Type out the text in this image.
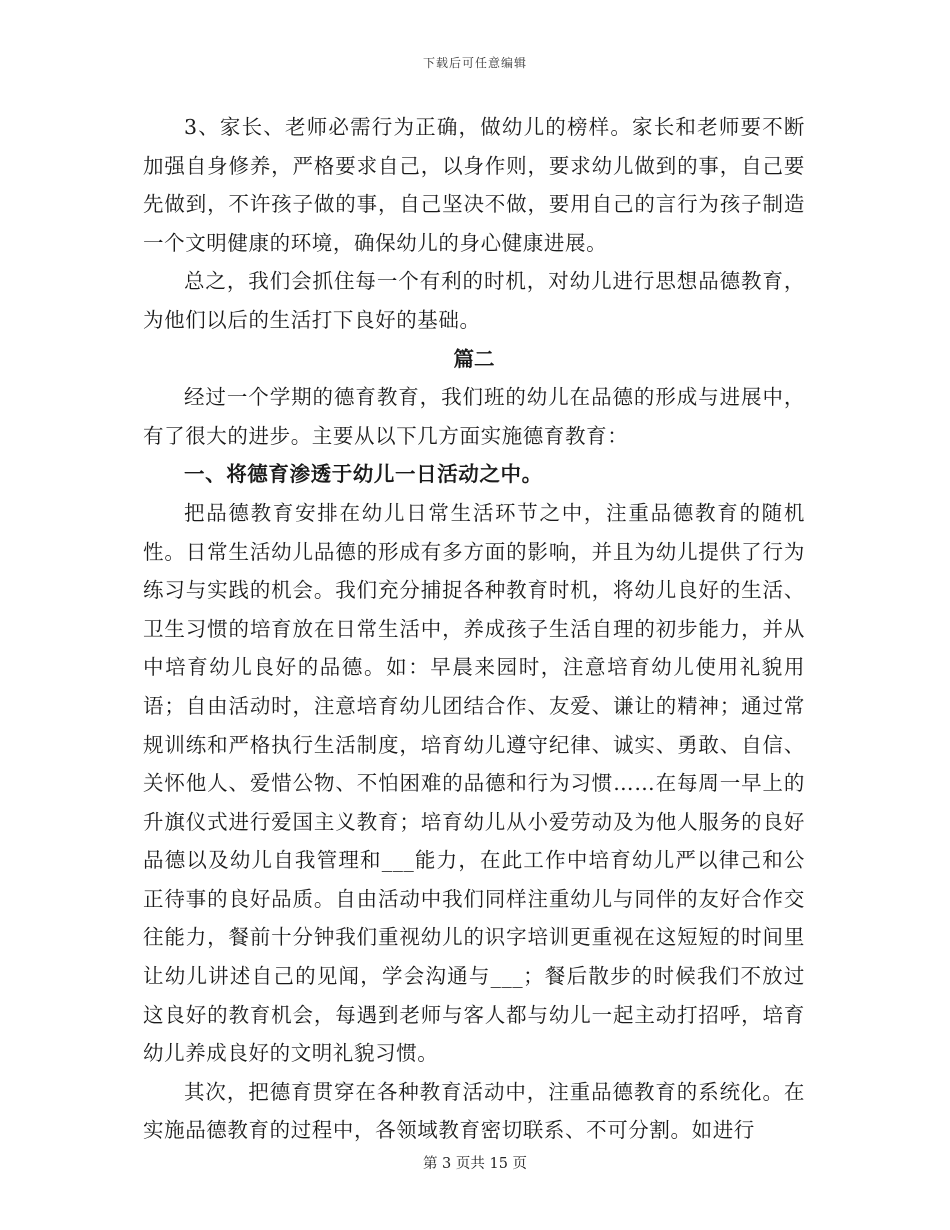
下载后可任意编辑

3、家长、老师必需行为正确，做幼儿的榜样。家长和老师要不断加强自身修养，严格要求自己，以身作则，要求幼儿做到的事，自己要先做到，不许孩子做的事，自己坚决不做，要用自己的言行为孩子制造一个文明健康的环境，确保幼儿的身心健康进展。

总之，我们会抓住每一个有利的时机，对幼儿进行思想品德教育，为他们以后的生活打下良好的基础。

篇二

经过一个学期的德育教育，我们班的幼儿在品德的形成与进展中，有了很大的进步。主要从以下几方面实施德育教育：

一、将德育渗透于幼儿一日活动之中。

把品德教育安排在幼儿日常生活环节之中，注重品德教育的随机性。日常生活幼儿品德的形成有多方面的影响，并且为幼儿提供了行为练习与实践的机会。我们充分捕捉各种教育时机，将幼儿良好的生活、卫生习惯的培育放在日常生活中，养成孩子生活自理的初步能力，并从中培育幼儿良好的品德。如：早晨来园时，注意培育幼儿使用礼貌用语；自由活动时，注意培育幼儿团结合作、友爱、谦让的精神；通过常规训练和严格执行生活制度，培育幼儿遵守纪律、诚实、勇敢、自信、关怀他人、爱惜公物、不怕困难的品德和行为习惯……在每周一早上的升旗仪式进行爱国主义教育；培育幼儿从小爱劳动及为他人服务的良好品德以及幼儿自我管理和___能力，在此工作中培育幼儿严以律己和公正待事的良好品质。自由活动中我们同样注重幼儿与同伴的友好合作交往能力，餐前十分钟我们重视幼儿的识字培训更重视在这短短的时间里让幼儿讲述自己的见闻，学会沟通与___；餐后散步的时候我们不放过这良好的教育机会，每遇到老师与客人都与幼儿一起主动打招呼，培育幼儿养成良好的文明礼貌习惯。

其次，把德育贯穿在各种教育活动中，注重品德教育的系统化。在实施品德教育的过程中，各领域教育密切联系、不可分割。如进行

第 3 页共 15 页
